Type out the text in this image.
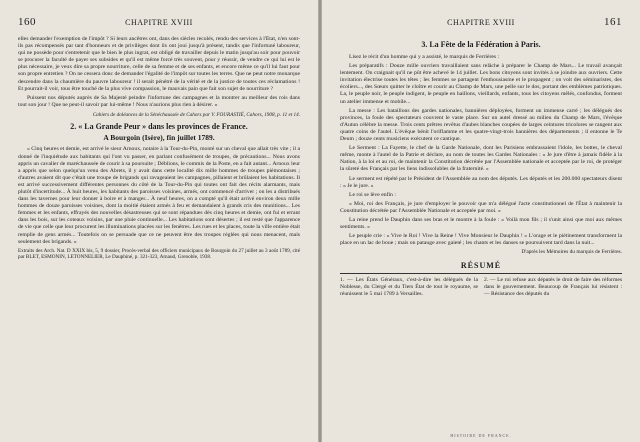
160	CHAPITRE XVIII

elles demander l'exemption de l'impôt ? Si leurs ancêtres ont, dans des siècles reculés, rendu des services à l'État, n'en sont-ils pas récompensés par tant d'honneurs et de privilèges dont ils ont joui jusqu'à présent, tandis que l'infortuné laboureur, qui ne possède pour s'entretenir que le bien le plus ingrat, est obligé de travailler depuis le matin jusqu'au soir pour pouvoir se procurer la faculté de payer ses subsides et qu'il est même forcé très souvent, pour y réussir, de vendre ce qui lui est le plus nécessaire, je veux dire sa propre nourriture, celle de sa femme et de ses enfants, et encore même ce qu'il lui faut pour son propre entretien ? On ne cessera donc de demander l'égalité de l'impôt sur toutes les terres. Que ne peut notre monarque descendre dans la chaumière du pauvre laboureur ! il serait pénétré de la vérité et de la justice de toutes ces réclamations ! Et pourrait-il voir, tous être touché de la plus vive compassion, le mauvais pain que fait son sujet de nourriture ?

Puissent nos députés auprès de Sa Majesté peindre l'infortune des campagnes et la montrer au meilleur des rois dans tout son jour ! Que ne peut-il savoir par lui-même ! Nous n'aurions plus rien à désirer. »

Cahiers de doléances de la Sénéchaussée de Cahors par V. FOURASTIÉ, Cahors, 1908, p. 11 et 14.
2. « La Grande Peur » dans les provinces de France.
A Bourgoin (Isère), fin juillet 1789.

« Cinq heures et demie, est arrivé le sieur Arnoux, notaire à la Tour-du-Pin, monté sur un cheval que allait très vite ; il a donné de l'inquiétude aux habitants qui l'ont vu passer, en parlant confusément de troupes, de précautions... Nous avons appris un cavalier de maréchaussée de courir à sa poursuite ; Déblions, le commis de la Poste, en a fait autant... Arnoux leur a appris que selon quelqu'un venu des Abrets, il y avait dans cette localité dix mille hommes de troupes piémontaises ; d'autres avaient dit que c'était une troupe de brigands qui ravageaient les campagnes, pillaient et brûlaient les habitations. Il est arrivé successivement différentes personnes du côté de la Tour-du-Pin qui toutes ont fait des récits alarmants, mais plutôt d'incertitude... À huit heures, les habitants des paroisses voisines, armés, ont commencé d'arriver ; on les a distribués dans les tavernes pour leur donner à boire et à manger... À neuf heures, on a compté qu'il était arrivé environ deux mille hommes de douze paroisses voisines, dont la moitié étaient armés à feu et demandaient à grands cris des munitions... Les femmes et les enfants, effrayés des nouvelles désastreuses qui se sont répandues dès cinq heures et demie, ont fui et errant dans les bois, sur les coteaux voisins, par une pluie continuelle... Les habitations sont désertes ; il est resté que l'apparence de vie que celle que leur procurent les illuminations placées sur les fenêtres. Les rues et les places, toute la ville entière était remplie de gens armés... Toutefois on se persuade que ce ne peuvent être des troupes réglées qui nous menacent, mais seulement des brigands. »

Extraits des Arch. Nat. D XXIX bis, 5, 9 dossier, Procès-verbal des officiers municipaux de Bourgoin du 27 juillet au 3 août 1789, cité par BLET, ESMONIN, LETONNELIER, Le Dauphiné, p. 321-323, Arnaud, Grenoble, 1938.

CHAPITRE XVIII	161
3. La Fête de la Fédération à Paris.

Lisez le récit d'un homme qui y a assisté, le marquis de Ferrières :

Les préparatifs : Douze mille ouvriers travaillaient sans relâche à préparer le Champ de Mars... Le travail avançait lentement. On craignait qu'il ne pût être achevé le 14 juillet. Les bons citoyens sont invités à se joindre aux ouvriers. Cette invitation électrise toutes les têtes ; les femmes se partagent l'enthousiasme et le propagent ; on voit des séminaristes, des écoliers..., des Sœurs quitter le cloître et courir au Champ de Mars, une pelle sur le dos, portant des emblèmes patriotiques. La, le peuple noir, le peuple indigent, le peuple en haillons, vieillards, enfants, tous les citoyens mêlés, confondus, forment un atelier immense et mobile...

La messe : Les bataillons des gardes nationales, bannières déployées, forment un immense carré ; les délégués des provinces, la foule des spectateurs couvrent le vaste place. Sur un autel dressé au milieu du Champ de Mars, l'évêque d'Autun célèbre la messe. Trois cents prêtres revêtus d'aubes blanches coupées de larges ceintures tricolores se rangent aux quatre coins de l'autel. L'évêque bénit l'oriflamme et les quatre-vingt-trois bannières des départements ; il entonne le Te Deum ; douze cents musiciens exécutent ce cantique.

Le Serment : La Fayette, le chef de la Garde Nationale, dont les Parisiens embrassaient l'idole, les bottes, le cheval même, monte à l'autel de la Patrie et déclare, au nom de toutes les Gardes Nationales : « Je jure d'être à jamais fidèle à la Nation, à la loi et au roi, de maintenir la Constitution décrétée par l'Assemblée nationale et acceptée par le roi, de protéger la sûreté des Français par les liens indissolubles de la fraternité. »

Le serment est répété par le Président de l'Assemblée au nom des députés. Les députés et les 200.000 spectateurs disent : « Je le jure. »

Le roi se lève enfin :

« Moi, roi des Français, je jure d'employer le pouvoir que m'a délégué l'acte constitutionnel de l'État à maintenir la Constitution décrétée par l'Assemblée Nationale et acceptée par moi. »

La reine prend le Dauphin dans ses bras et le montre à la foule : « Voilà mon fils ; il s'unit ainsi que moi aux mêmes sentiments. »

Le peuple crie : « Vive le Roi ! Vive la Reine ! Vive Monsieur le Dauphin ! » L'orage et le piétinement transforment la place en un lac de boue ; mais on patauge avec gaieté ; les chants et les danses se poursuivent tard dans la nuit...

D'après les Mémoires du marquis de Ferrières.
RÉSUMÉ
1. — Les États Généraux, c'est-à-dire les délégués de la Noblesse, du Clergé et du Tiers État de tout le royaume, se réunissent le 5 mai 1789 à Versailles.
2. — Le roi refuse aux députés le droit de faire des réformes dans le gouvernement. Beaucoup de Français lui résistent : — Résistance des députés du
HISTOIRE DE FRANCE.
